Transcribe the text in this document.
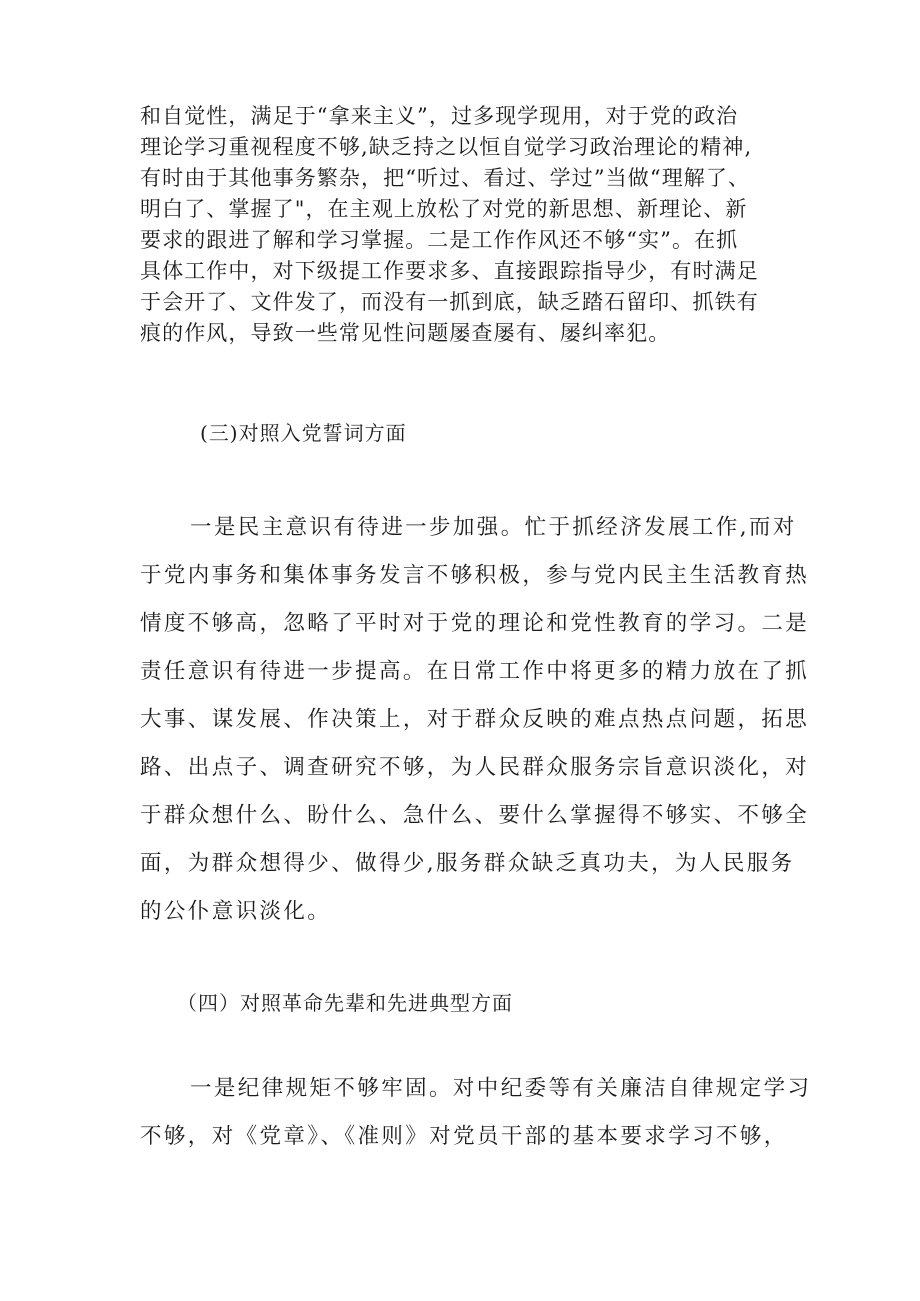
和自觉性，满足于“拿来主义”，过多现学现用，对于党的政治
理论学习重视程度不够,缺乏持之以恒自觉学习政治理论的精神,
有时由于其他事务繁杂，把“听过、看过、学过”当做“理解了、
明白了、掌握了"，在主观上放松了对党的新思想、新理论、新
要求的跟进了解和学习掌握。二是工作作风还不够“实”。在抓
具体工作中，对下级提工作要求多、直接跟踪指导少，有时满足
于会开了、文件发了，而没有一抓到底，缺乏踏石留印、抓铁有
痕的作风，导致一些常见性问题屡查屡有、屡纠率犯。
(三)对照入党誓词方面
一是民主意识有待进一步加强。忙于抓经济发展工作,而对
于党内事务和集体事务发言不够积极，参与党内民主生活教育热
情度不够高，忽略了平时对于党的理论和党性教育的学习。二是
责任意识有待进一步提高。在日常工作中将更多的精力放在了抓
大事、谋发展、作决策上，对于群众反映的难点热点问题，拓思
路、出点子、调查研究不够，为人民群众服务宗旨意识淡化，对
于群众想什么、盼什么、急什么、要什么掌握得不够实、不够全
面，为群众想得少、做得少,服务群众缺乏真功夫，为人民服务
的公仆意识淡化。
（四）对照革命先辈和先进典型方面
一是纪律规矩不够牢固。对中纪委等有关廉洁自律规定学习
不够，对《党章》、《准则》对党员干部的基本要求学习不够，
